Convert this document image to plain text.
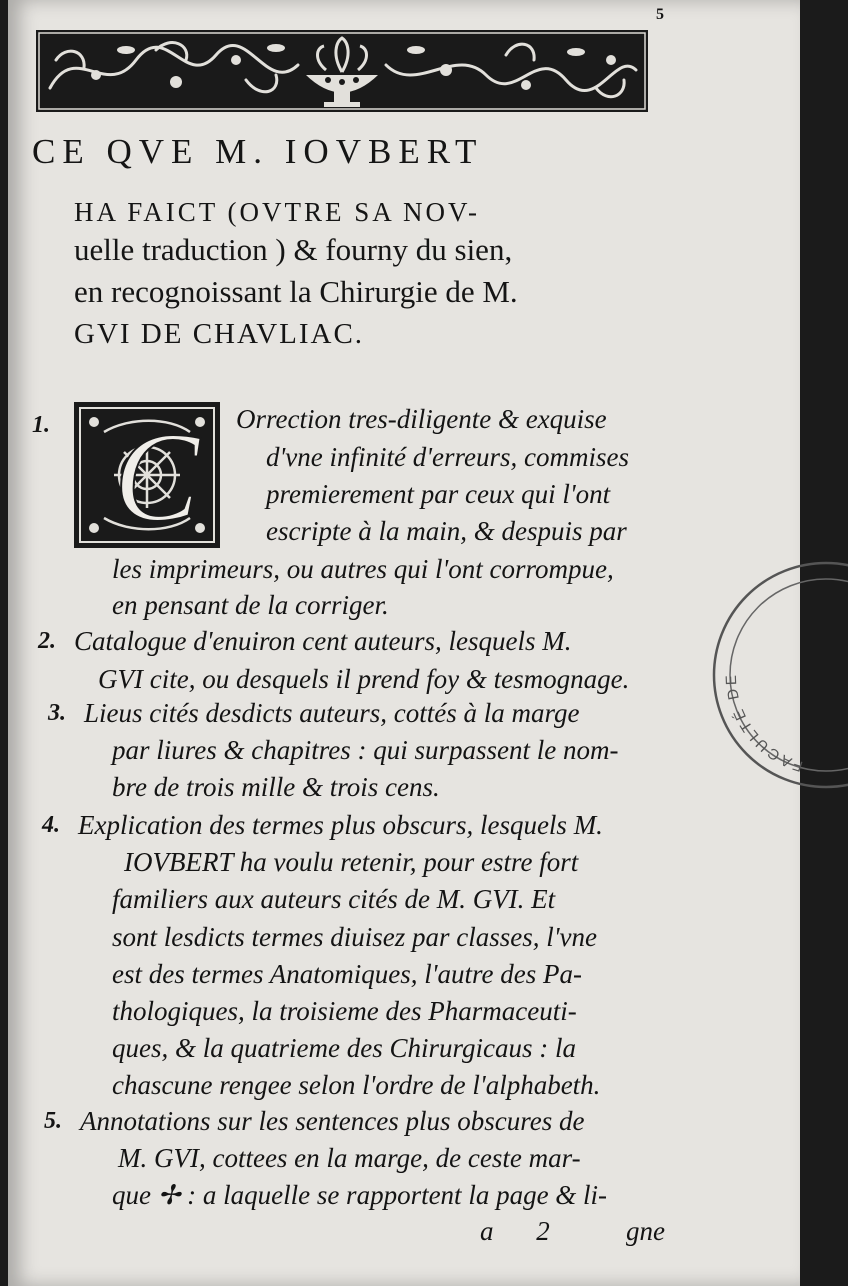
5
CE QVE M. IOVBERT
HA FAICT (OVTRE SA NOV-
uelle traduction ) & fourny du sien,
en recognoissant la Chirurgie de M.
GVI DE CHAVLIAC.
1. C Orrection tres-diligente & exquise
d'vne infinité d'erreurs, commises
premierement par ceux qui l'ont
escripte à la main, & despuis par
les imprimeurs, ou autres qui l'ont corrompue,
en pensant de la corriger.
2. Catalogue d'enuiron cent auteurs, lesquels M.
GVI cite, ou desquels il prend foy & tesmognage.
3. Lieus cités desdicts auteurs, cottés à la marge
par liures & chapitres : qui surpassent le nom-
bre de trois mille & trois cens.
4. Explication des termes plus obscurs, lesquels M.
IOVBERT ha voulu retenir, pour estre fort
familiers aux auteurs cités de M. GVI. Et
sont lesdicts termes diuisez par classes, l'vne
est des termes Anatomiques, l'autre des Pa-
thologiques, la troisieme des Pharmaceuti-
ques, & la quatrieme des Chirurgicaus : la
chascune rengee selon l'ordre de l'alphabeth.
5. Annotations sur les sentences plus obscures de
M. GVI, cottees en la marge, de ceste mar-
que ✢ : a laquelle se rapportent la page & li-
a 2 gne
FACULTÉ DE
